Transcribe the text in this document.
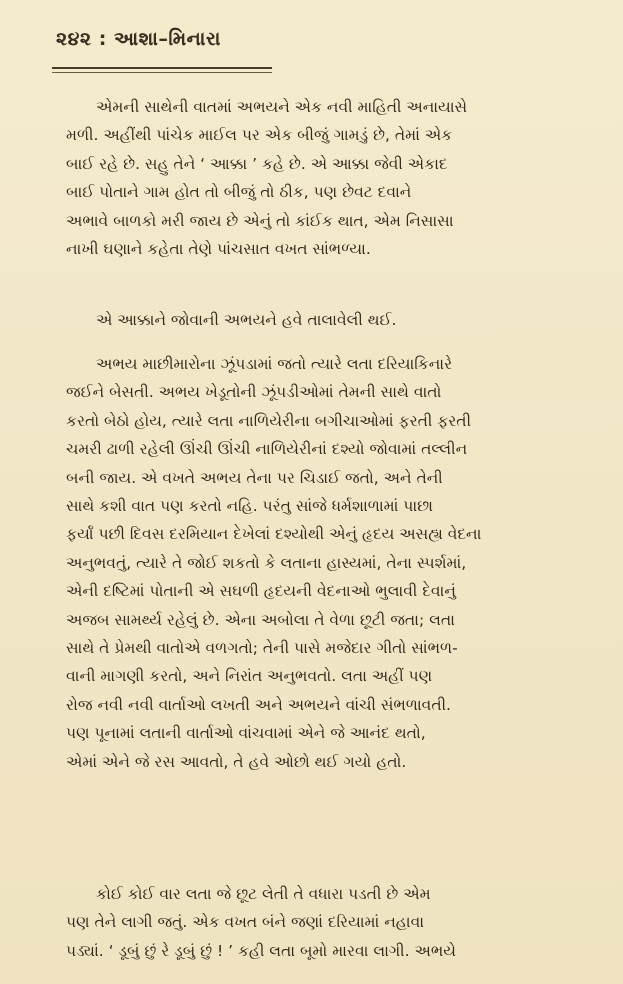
૨૪૨ : આશા–મિનારા
એમની સાથેની વાતમાં અભયને એક નવી માહિતી અનાયાસે
મળી. અહીંથી પાંચેક માઈલ પર એક બીજું ગામડું છે, તેમાં એક
બાઈ રહે છે. સહુ તેને ‘ આક્કા ’ કહે છે. એ આક્કા જેવી એકાદ
બાઈ પોતાને ગામ હોત તો બીજું તો ઠીક, પણ છેવટ દવાને
અભાવે બાળકો મરી જાય છે એનું તો કાંઈક થાત, એમ નિસાસા
નાખી ઘણાને કહેતા તેણે પાંચસાત વખત સાંભળ્યા.
એ આક્કાને જોવાની અભયને હવે તાલાવેલી થઈ.
અભય માછીમારોના ઝૂંપડામાં જતો ત્યારે લતા દરિયાકિનારે
જઈને બેસતી. અભય ખેડૂતોની ઝૂંપડીઓમાં તેમની સાથે વાતો
કરતો બેઠો હોય, ત્યારે લતા નાળિયેરીના બગીચાઓમાં ફરતી ફરતી
ચમરી ઢાળી રહેલી ઊંચી ઊંચી નાળિયેરીનાં દશ્યો જોવામાં તલ્લીન
બની જાય. એ વખતે અભય તેના પર ચિડાઈ જતો, અને તેની
સાથે કશી વાત પણ કરતો નહિ. પરંતુ સાંજે ધર્મશાળામાં પાછા
ફર્યાં પછી દિવસ દરમિયાન દેખેલાં દશ્યોથી એનું હૃદય અસહ્ય વેદના
અનુભવતું, ત્યારે તે જોઈ શકતો કે લતાના હાસ્યમાં, તેના સ્પર્શમાં,
એની દષ્ટિમાં પોતાની એ સઘળી હૃદયની વેદનાઓ ભુલાવી દેવાનું
અજબ સામર્થ્ય રહેલું છે. એના અબોલા તે વેળા છૂટી જતા; લતા
સાથે તે પ્રેમથી વાતોએ વળગતો; તેની પાસે મજેદાર ગીતો સાંભળ-
વાની માગણી કરતો, અને નિરાંત અનુભવતો. લતા અહીં પણ
રોજ નવી નવી વાર્તાઓ લખતી અને અભયને વાંચી સંભળાવતી.
પણ પૂનામાં લતાની વાર્તાઓ વાંચવામાં એને જે આનંદ થતો,
એમાં એને જે રસ આવતો, તે હવે ઓછો થઈ ગયો હતો.
કોઈ કોઈ વાર લતા જે છૂટ લેતી તે વધારા પડતી છે એમ
પણ તેને લાગી જતું. એક વખત બંને જણાં દરિયામાં નહાવા
પડ્યાં. ‘ ડૂબું છું રે ડૂબું છું ! ’ કહી લતા બૂમો મારવા લાગી. અભયે
